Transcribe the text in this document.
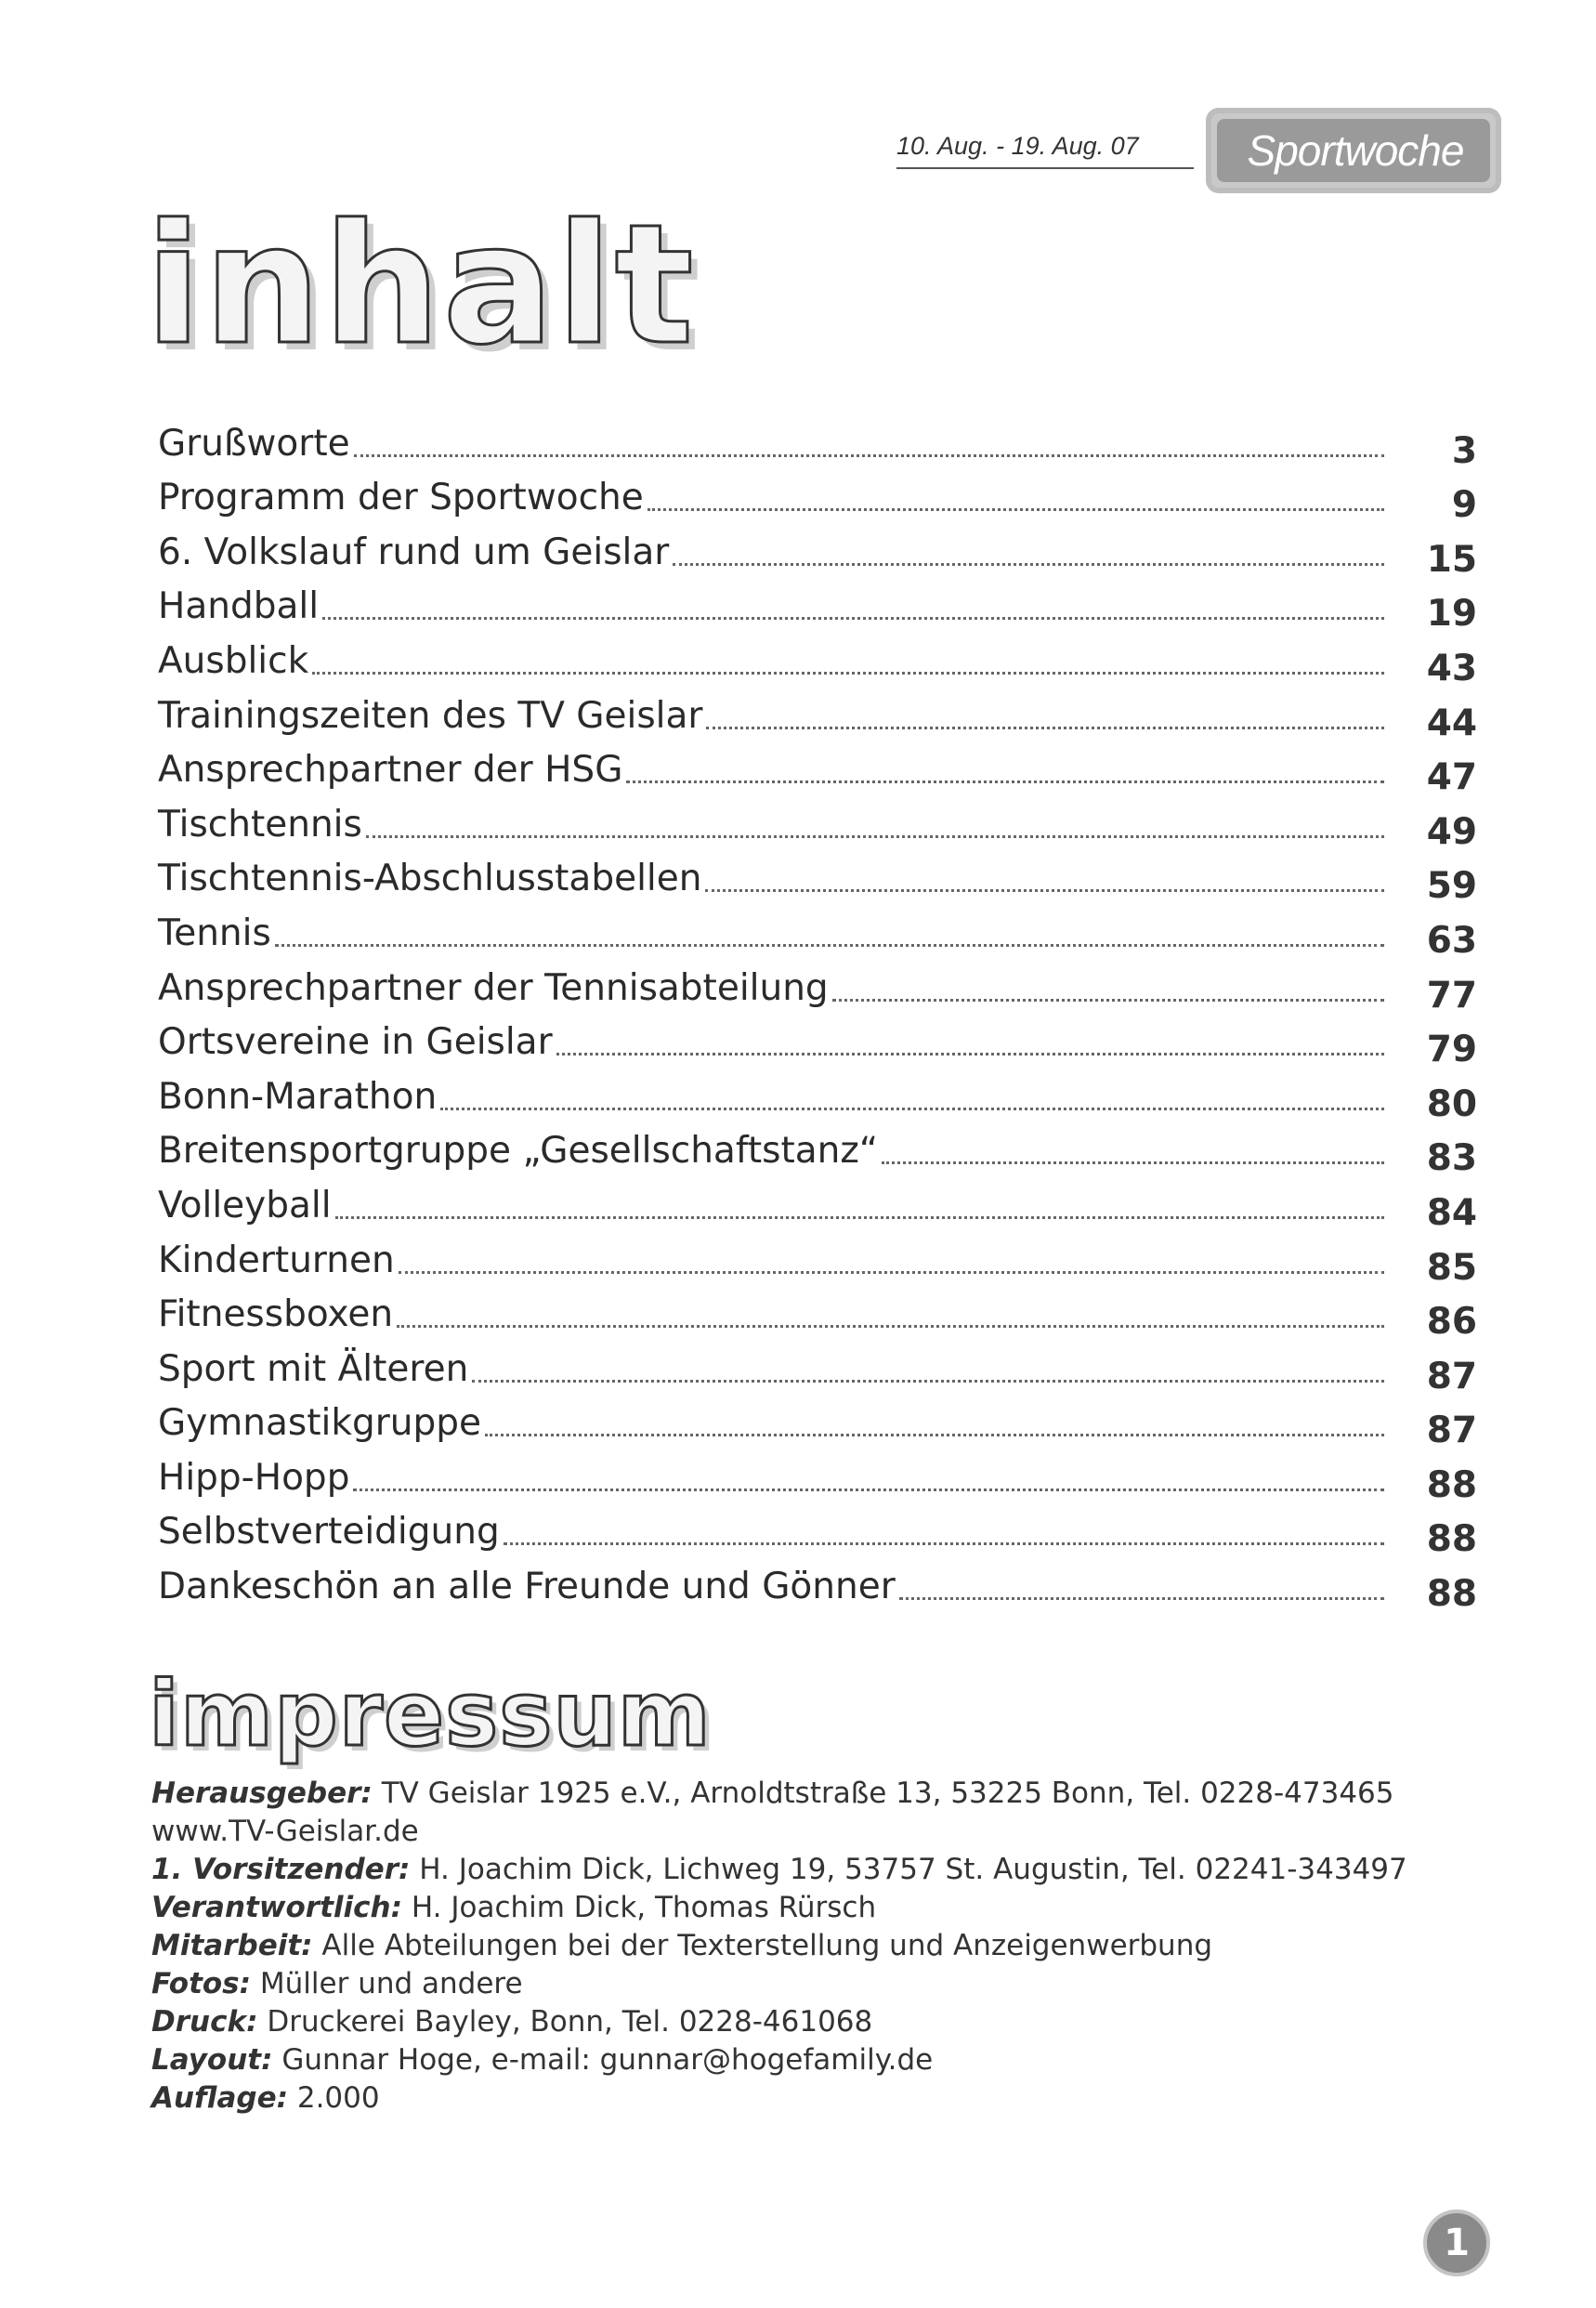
10. Aug. - 19. Aug. 07	Sportwoche
inhalt
Grußworte	3
Programm der Sportwoche	9
6. Volkslauf rund um Geislar	15
Handball	19
Ausblick	43
Trainingszeiten des TV Geislar	44
Ansprechpartner der HSG	47
Tischtennis	49
Tischtennis-Abschlusstabellen	59
Tennis	63
Ansprechpartner der Tennisabteilung	77
Ortsvereine in Geislar	79
Bonn-Marathon	80
Breitensportgruppe „Gesellschaftstanz“	83
Volleyball	84
Kinderturnen	85
Fitnessboxen	86
Sport mit Älteren	87
Gymnastikgruppe	87
Hipp-Hopp	88
Selbstverteidigung	88
Dankeschön an alle Freunde und Gönner	88
impressum
Herausgeber: TV Geislar 1925 e.V., Arnoldtstraße 13, 53225 Bonn, Tel. 0228-473465
www.TV-Geislar.de
1. Vorsitzender: H. Joachim Dick, Lichweg 19, 53757 St. Augustin, Tel. 02241-343497
Verantwortlich: H. Joachim Dick, Thomas Rürsch
Mitarbeit: Alle Abteilungen bei der Texterstellung und Anzeigenwerbung
Fotos: Müller und andere
Druck: Druckerei Bayley, Bonn, Tel. 0228-461068
Layout: Gunnar Hoge, e-mail: gunnar@hogefamily.de
Auflage: 2.000
1
